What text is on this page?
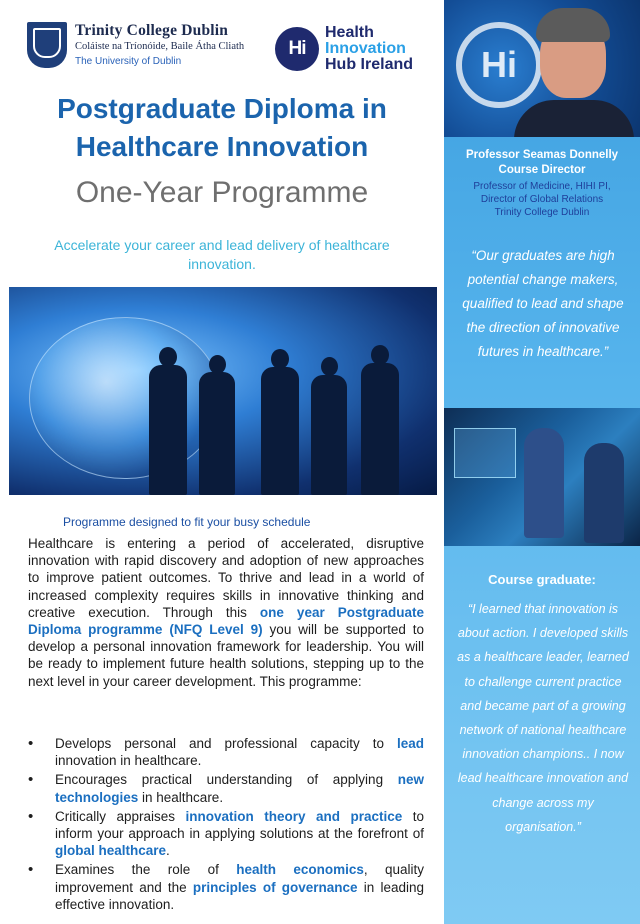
Trinity College Dublin
Coláiste na Tríonóide, Baile Átha Cliath
The University of Dublin
Hi
Health
Innovation
Hub Ireland
Postgraduate Diploma in
Healthcare Innovation
One-Year Programme
Accelerate your career and lead delivery of healthcare innovation.
Programme designed to fit your busy schedule
Healthcare is entering a period of accelerated, disruptive innovation with rapid discovery and adoption of new approaches to improve patient outcomes. To thrive and lead in a world of increased complexity requires skills in innovative thinking and creative execution. Through this one year Postgraduate Diploma programme (NFQ Level 9) you will be supported to develop a personal innovation framework for leadership. You will be ready to implement future health solutions, stepping up to the next level in your career development. This programme:
• Develops personal and professional capacity to lead innovation in healthcare.
• Encourages practical understanding of applying new technologies in healthcare.
• Critically appraises innovation theory and practice to inform your approach in applying solutions at the forefront of global healthcare.
• Examines the role of health economics, quality improvement and the principles of governance in leading effective innovation.
Hi
Professor Seamas Donnelly
Course Director
Professor of Medicine, HIHI PI,
Director of Global Relations
Trinity College Dublin
“Our graduates are high potential change makers, qualified to lead and shape the direction of innovative futures in healthcare.”
Course graduate:
“I learned that innovation is about action. I developed skills as a healthcare leader, learned to challenge current practice and became part of a growing network of national healthcare innovation champions.. I now lead healthcare innovation and change across my organisation.”
